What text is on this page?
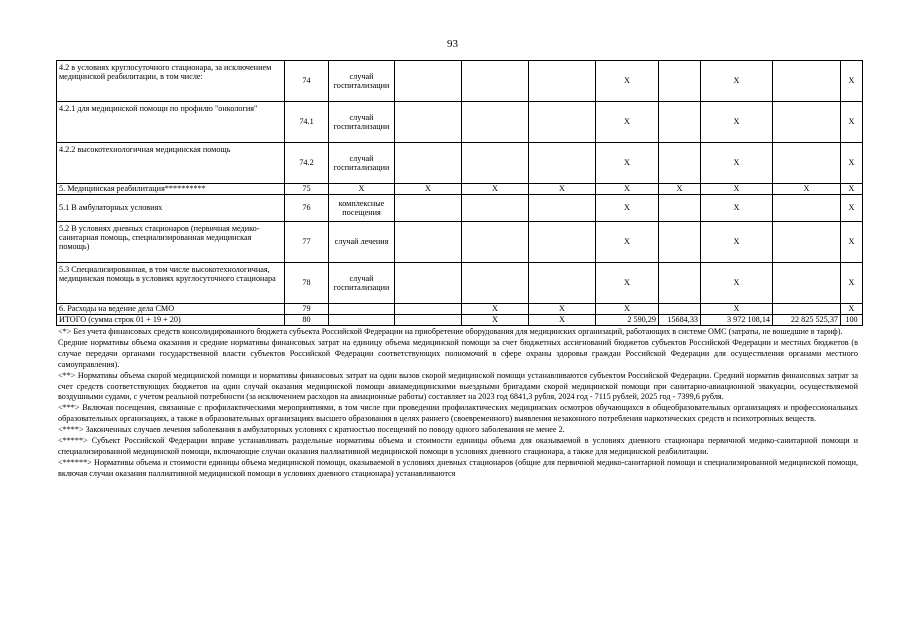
93
4.2 в условиях круглосуточного стационара, за исключением медицинской реабилитации, в том числе:	74	случай госпитализации				Х		Х		Х
4.2.1 для медицинской помощи по профилю "онкология"	74.1	случай госпитализации				Х		Х		Х
4.2.2 высокотехнологичная медицинская помощь	74.2	случай госпитализации				Х		Х		Х
5. Медицинская реабилитация**********	75	Х	Х	Х	Х	Х	Х	Х	Х	Х
5.1 В амбулаторных условиях	76	комплексные посещения				Х		Х		Х
5.2 В условиях дневных стационаров (первичная медико-санитарная помощь, специализированная медицинская помощь)	77	случай лечения				Х		Х		Х
5.3 Специализированная, в том числе высокотехнологичная, медицинская помощь в условиях круглосуточного стационара	78	случай госпитализации				Х		Х		Х
6. Расходы на ведение дела СМО	79			Х	Х	Х		Х		Х
ИТОГО (сумма строк 01 + 19 + 20)	80			Х	Х	2 590,29	15684,33	3 972 108,14	22 825 525,37	100

<*> Без учета финансовых средств консолидированного бюджета субъекта Российской Федерации на приобретение оборудования для медицинских организаций, работающих в системе ОМС (затраты, не вошедшие в тариф).

Средние нормативы объема оказания и средние нормативы финансовых затрат на единицу объема медицинской помощи за счет бюджетных ассигнований бюджетов субъектов Российской Федерации и местных бюджетов (в случае передачи органами государственной власти субъектов Российской Федерации соответствующих полномочий в сфере охраны здоровья граждан Российской Федерации для осуществления органами местного самоуправления).

<**> Нормативы объема скорой медицинской помощи и нормативы финансовых затрат на один вызов скорой медицинской помощи устанавливаются субъектом Российской Федерации. Средний норматив финансовых затрат за счет средств соответствующих бюджетов на один случай оказания медицинской помощи авиамедицинскими выездными бригадами скорой медицинской помощи при санитарно-авиационной эвакуации, осуществляемой воздушными судами, с учетом реальной потребности (за исключением расходов на авиационные работы) составляет на 2023 год 6841,3 рубля, 2024 год - 7115 рублей, 2025 год - 7399,6 рубля.

<***> Включая посещения, связанные с профилактическими мероприятиями, в том числе при проведении профилактических медицинских осмотров обучающихся в общеобразовательных организациях и профессиональных образовательных организациях, а также в образовательных организациях высшего образования в целях раннего (своевременного) выявления незаконного потребления наркотических средств и психотропных веществ.

<****> Законченных случаев лечения заболевания в амбулаторных условиях с кратностью посещений по поводу одного заболевания не менее 2.

<*****> Субъект Российской Федерации вправе устанавливать раздельные нормативы объема и стоимости единицы объема для оказываемой в условиях дневного стационара первичной медико-санитарной помощи и специализированной медицинской помощи, включающие случаи оказания паллиативной медицинской помощи в условиях дневного стационара, а также для медицинской реабилитации.

<******> Нормативы объема и стоимости единицы объема медицинской помощи, оказываемой в условиях дневных стационаров (общие для первичной медико-санитарной помощи и специализированной медицинской помощи, включая случаи оказания паллиативной медицинской помощи в условиях дневного стационара) устанавливаются
